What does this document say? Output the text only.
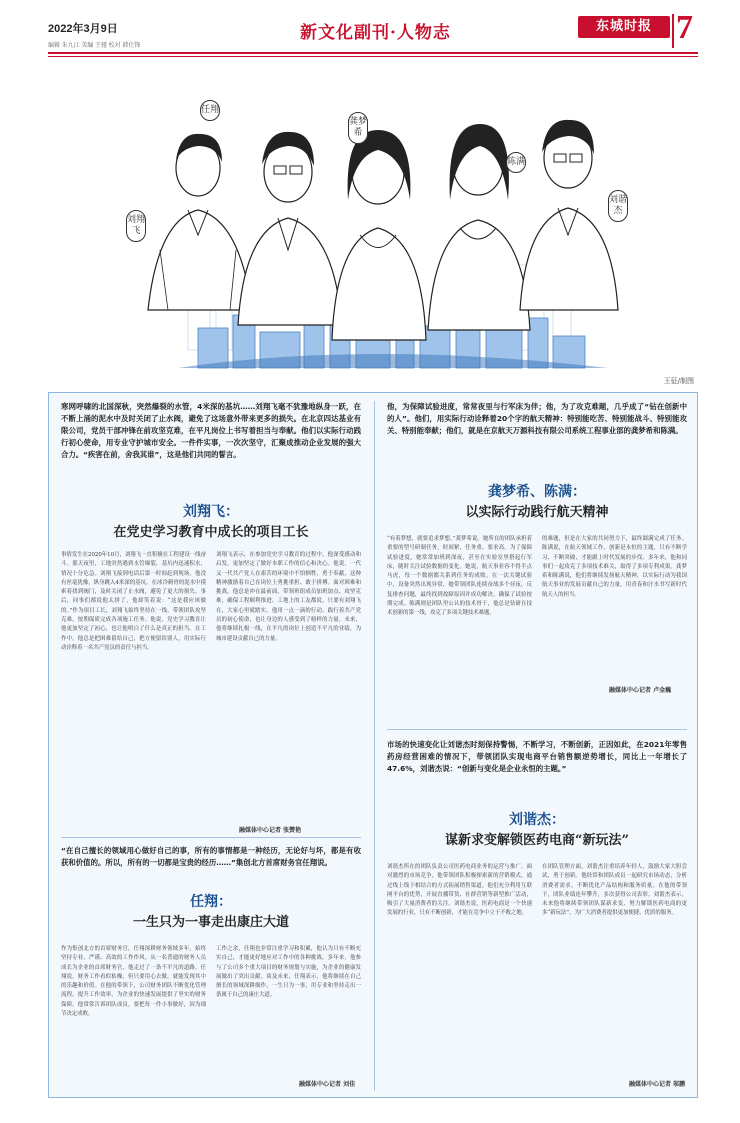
2022年3月9日
编辑 朱九江 美编 王娅 校对 韩仕锋
新文化副刊·人物志	东城时报 7
任翔
刘翔飞
龚梦希
陈满
刘谐杰
王征/制图
寒网呼啸的北国深秋，突然爆裂的水管，4米深的基坑……刘翔飞毫不犹豫地纵身一跃，在不断上涌的泥水中及时关闭了止水阀，避免了这场意外带来更多的损失。在北京四达基业有限公司，党员干部冲锋在前攻坚克难，在平凡岗位上书写着担当与奉献。他们以实际行动践行初心使命，用专业守护城市安全。一件件实事，一次次坚守，汇聚成推动企业发展的强大合力。“疾害在前，舍我其谁”，这是他们共同的誓言。
他，为保障试验进度，常常夜里与行军床为伴；他，为了攻克难题，几乎成了“钻在创新中的人”。他们，用实际行动诠释着20个字的航天精神：特别能吃苦、特别能战斗、特别能攻关、特别能奉献；他们，就是在京航天万源科技有限公司系统工程事业部的龚梦希和陈满。
刘翔飞：
在党史学习教育中成长的项目工长
事情发生在2020年10月，刘翔飞一直积极在工程建设一线奋斗。那天夜里，工地突然遇到水管爆裂，基坑内迅速积水，情况十分危急。刘翔飞接到电话后第一时间赶到现场，他没有丝毫犹豫，纵身跳入4米深的基坑，在冰冷刺骨的泥水中摸索着找到阀门，及时关闭了止水阀，避免了更大的损失。事后，同事们都说他太拼了，他却笑着说：“这是我应该做的。”作为项目工长，刘翔飞始终坚持在一线，带领团队攻坚克难，按期保质完成各项施工任务。他说，党史学习教育让他更加坚定了初心，也让他明白了什么是真正的担当。在工作中，他总是把困难留给自己，把方便留给别人，用实际行动诠释着一名共产党员的责任与担当。
刘翔飞表示，在参加党史学习教育的过程中，他深受感动和启发，更加坚定了做好本职工作的信心和决心。他说，一代又一代共产党人在艰苦的环境中不怕牺牲、勇于奉献，这种精神激励着自己在岗位上勇挑重担、敢于拼搏。面对困难和挑战，他总是冲在最前面，带领班组成员加班加点、攻坚克难，确保工程顺利推进。工地上的工友都说，只要有刘翔飞在，大家心里就踏实。他用一点一滴的行动，践行着共产党员的初心使命，也让身边的人感受到了榜样的力量。未来，他将继续扎根一线，在平凡的岗位上创造不平凡的业绩，为城市建设贡献自己的力量。
融媒体中心记者 张赞艳
龚梦希、陈满：
以实际行动践行航天精神
“有着梦想，就要追求梦想。”龚梦希说。她所在的团队承担着重要的型号研制任务，时间紧、任务重、要求高。为了保障试验进度，她常常加班到深夜，甚至在实验室里搭起行军床，随时关注试验数据的变化。她说，航天事业容不得半点马虎，每一个数据都关系到任务的成败。在一次关键试验中，设备突然出现异常，她带领团队连续奋战多个昼夜，反复排查问题，最终找到故障原因并成功解决，确保了试验按期完成。陈满则是团队里公认的技术骨干，他总是钻研在技术创新的第一线，攻克了多项关键技术难题。
的难题，但是在大家的共同努力下，最终圆满完成了任务。陈满说，在航天领域工作，创新是永恒的主题，只有不断学习、不断突破，才能跟上时代发展的步伐。多年来，他和同事们一起攻克了多项技术难关，取得了多项专利成果。龚梦希和陈满说，他们将继续发扬航天精神，以实际行动为我国航天事业的发展贡献自己的力量，用青春和汗水书写新时代航天人的担当。
融媒体中心记者 卢金巍
市场的快速变化让刘谐杰时刻保持警惕，不断学习，不断创新，正因如此，在2021年零售药房经营困难的情况下，带领团队实现电商平台销售额逆势增长，同比上一年增长了47.6%，刘谐杰说：“创新与变化是企业永恒的主题。”
刘谐杰：
谋新求变解锁医药电商“新玩法”
刘谐杰所在的团队负责公司医药电商业务的运营与推广。面对激烈的市场竞争，他带领团队积极探索新的营销模式，通过线上线下相结合的方式拓展销售渠道。他们充分利用互联网平台的优势，开展直播带货、社群营销等新型推广活动，吸引了大量消费者的关注。刘谐杰说，医药电商是一个快速发展的行业，只有不断创新，才能在竞争中立于不败之地。
在团队管理方面，刘谐杰注重培养年轻人，鼓励大家大胆尝试、勇于创新。他经常和团队成员一起研究市场动态，分析消费者需求，不断优化产品结构和服务质量。在他的带领下，团队业绩连年攀升，多次获得公司表彰。刘谐杰表示，未来他将继续带领团队谋新求变，努力解锁医药电商的更多“新玩法”，为广大消费者提供更加便捷、优质的服务。
融媒体中心记者 邬鹏
“在自己擅长的领域用心做好自己的事，所有的事情都是一种经历，无论好与坏，都是有收获和价值的。所以，所有的一切都是宝贵的经历……”集创北方首席财务官任翔说。
任翔：
一生只为一事走出康庄大道
作为集创北方的首席财务官，任翔深耕财务领域多年，始终坚持专业、严谨、高效的工作作风。从一名普通的财务人员成长为企业的首席财务官，他走过了一条不平凡的道路。任翔说，财务工作看似枯燥，但只要用心去做，就能发现其中的乐趣和价值。在他的带领下，公司财务团队不断优化管理流程，提升工作效率，为企业的快速发展提供了坚实的财务保障。他常常告诉团队成员，要把每一件小事做好，因为细节决定成败。
工作之余，任翔也非常注重学习和积累，他认为只有不断充实自己，才能更好地应对工作中的各种挑战。多年来，他参与了公司多个重大项目的财务规划与实施，为企业的健康发展做出了突出贡献。谈及未来，任翔表示，他将继续在自己擅长的领域深耕细作，一生只为一事，用专业和坚持走出一条属于自己的康庄大道。
融媒体中心记者 刘佳
